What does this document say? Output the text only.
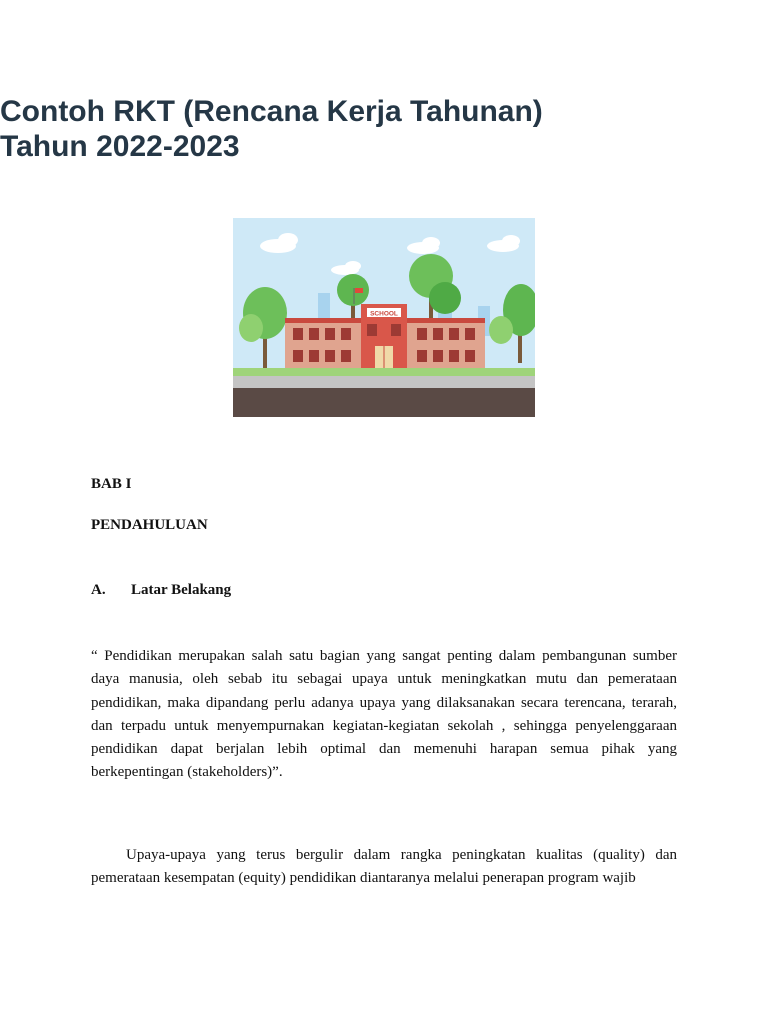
Contoh RKT (Rencana Kerja Tahunan) Tahun 2022-2023
SCHOOL

BAB I

PENDAHULUAN

A. Latar Belakang

“ Pendidikan merupakan salah satu bagian yang sangat penting dalam pembangunan sumber daya manusia, oleh sebab itu sebagai upaya untuk meningkatkan mutu dan pemerataan pendidikan, maka dipandang perlu adanya upaya yang dilaksanakan secara terencana, terarah, dan terpadu untuk menyempurnakan kegiatan-kegiatan sekolah , sehingga penyelenggaraan pendidikan dapat berjalan lebih optimal dan memenuhi harapan semua pihak yang berkepentingan (stakeholders)”.

Upaya-upaya yang terus bergulir dalam rangka peningkatan kualitas (quality) dan pemerataan kesempatan (equity) pendidikan diantaranya melalui penerapan program wajib
